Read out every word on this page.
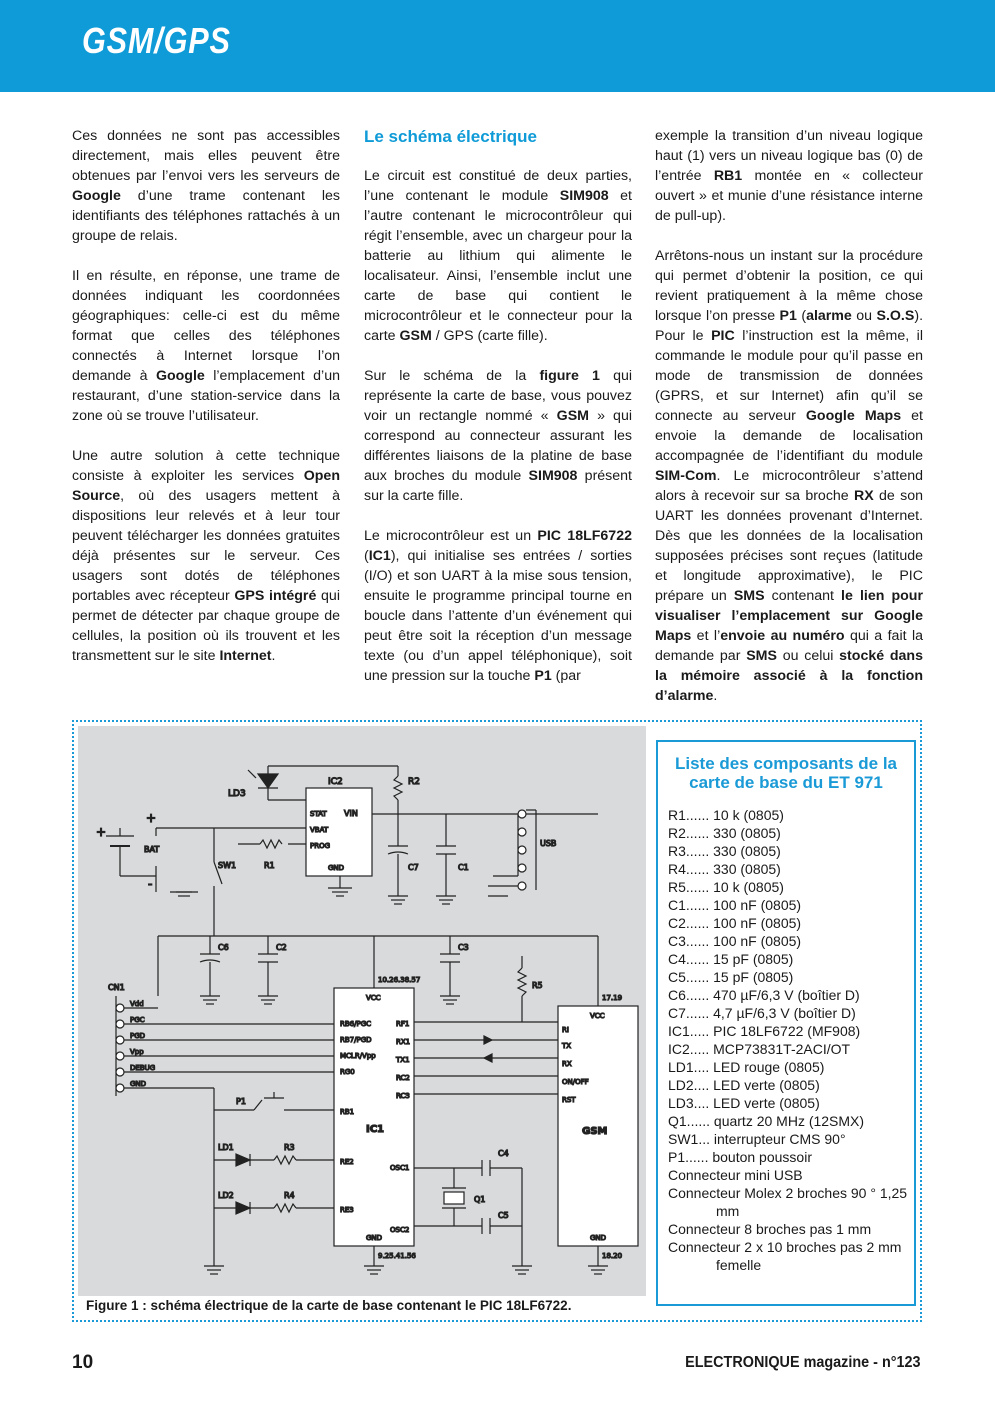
GSM/GPS

Ces données ne sont pas accessibles directement, mais elles peuvent être obtenues par l’envoi vers les serveurs de Google d’une trame contenant les identifiants des téléphones rattachés à un groupe de relais.

Il en résulte, en réponse, une trame de données indiquant les coordonnées géographiques: celle-ci est du même format que celles des téléphones connectés à Internet lorsque l’on demande à Google l’emplacement d’un restaurant, d’une station-service dans la zone où se trouve l’utilisateur.

Une autre solution à cette technique consiste à exploiter les services Open Source, où des usagers mettent à dispositions leur relevés et à leur tour peuvent télécharger les données gratuites déjà présentes sur le serveur. Ces usagers sont dotés de téléphones portables avec récepteur GPS intégré qui permet de détecter par chaque groupe de cellules, la position où ils trouvent et les transmettent sur le site Internet.

Le schéma électrique

Le circuit est constitué de deux parties, l’une contenant le module SIM908 et l’autre contenant le microcontrôleur qui régit l’ensemble, avec un chargeur pour la batterie au lithium qui alimente le localisateur. Ainsi, l’ensemble inclut une carte de base qui contient le microcontrôleur et le connecteur pour la carte GSM / GPS (carte fille).

Sur le schéma de la figure 1 qui représente la carte de base, vous pouvez voir un rectangle nommé « GSM » qui correspond au connecteur assurant les différentes liaisons de la platine de base aux broches du module SIM908 présent sur la carte fille.

Le microcontrôleur est un PIC 18LF6722 (IC1), qui initialise ses entrées / sorties (I/O) et son UART à la mise sous tension, ensuite le programme principal tourne en boucle dans l’attente d’un événement qui peut être soit la réception d’un message texte (ou d’un appel téléphonique), soit une pression sur la touche P1 (par

exemple la transition d’un niveau logique haut (1) vers un niveau logique bas (0) de l’entrée RB1 montée en « collecteur ouvert » et munie d’une résistance interne de pull-up).

Arrêtons-nous un instant sur la procédure qui permet d’obtenir la position, ce qui revient pratiquement à la même chose lorsque l’on presse P1 (alarme ou S.O.S). Pour le PIC l’instruction est la même, il commande le module pour qu’il passe en mode de transmission de données (GPRS, et sur Internet) afin qu’il se connecte au serveur Google Maps et envoie la demande de localisation accompagnée de l’identifiant du module SIM-Com. Le microcontrôleur s’attend alors à recevoir sur sa broche RX de son UART les données provenant d’Internet. Dès que les données de la localisation supposées précises sont reçues (latitude et longitude approximative), le PIC prépare un SMS contenant le lien pour visualiser l’emplacement sur Google Maps et l’envoie au numéro qui a fait la demande par SMS ou celui stocké dans la mémoire associé à la fonction d’alarme.

LD3
IC2	R2
STAT VIN
VBAT
PROG
GND
BAT
SW1	R1	C7	C1
USB
+
+
-
C6	C2	C3
R5
CN1
Vdd
PGC
PGD
Vpp
DEBUG
GND
P1
LD1	R3
LD2	R4
IC1
VCC
RB6/PGC
RB7/PGD
MCLR/Vpp
RG0
RB1
RE2
RE3
RF1
RX1
TX1
RC2
RC3
OSC1
OSC2
GND
Q1
C4
C5
GSM
VCC
RI
TX
RX
ON/OFF
RST
GND
10.26.38.57
9.25.41.56
17.19
18.20
Figure 1 : schéma électrique de la carte de base contenant le PIC 18LF6722.
Liste des composants de la carte de base du ET 971
R1...... 10 k (0805)
R2...... 330 (0805)
R3...... 330 (0805)
R4...... 330 (0805)
R5...... 10 k (0805)
C1...... 100 nF (0805)
C2...... 100 nF (0805)
C3...... 100 nF (0805)
C4...... 15 pF (0805)
C5...... 15 pF (0805)
C6...... 470 µF/6,3 V (boîtier D)
C7...... 4,7 µF/6,3 V (boîtier D)
IC1..... PIC 18LF6722 (MF908)
IC2..... MCP73831T-2ACI/OT
LD1.... LED rouge (0805)
LD2.... LED verte (0805)
LD3.... LED verte (0805)
Q1...... quartz 20 MHz (12SMX)
SW1... interrupteur CMS 90°
P1...... bouton poussoir
Connecteur mini USB
Connecteur Molex 2 broches 90 ° 1,25 mm
Connecteur 8 broches pas 1 mm
Connecteur 2 x 10 broches pas 2 mm femelle
10	ELECTRONIQUE magazine - n°123
